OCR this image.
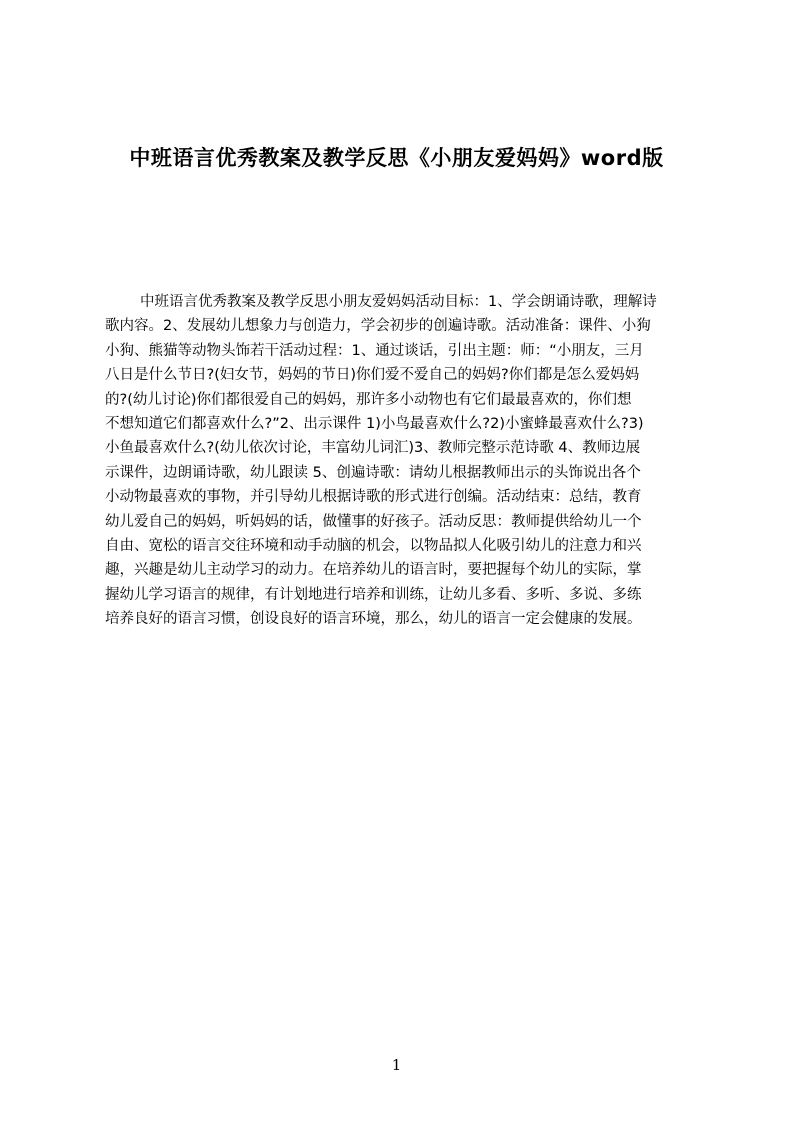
中班语言优秀教案及教学反思《小朋友爱妈妈》word版
中班语言优秀教案及教学反思小朋友爱妈妈活动目标：1、学会朗诵诗歌，理解诗
歌内容。2、发展幼儿想象力与创造力，学会初步的创遍诗歌。活动准备：课件、小狗
小狗、熊猫等动物头饰若干活动过程：1、通过谈话，引出主题：师：“小朋友，三月
八日是什么节日?(妇女节，妈妈的节日)你们爱不爱自己的妈妈?你们都是怎么爱妈妈
的?(幼儿讨论)你们都很爱自己的妈妈，那许多小动物也有它们最最喜欢的，你们想
不想知道它们都喜欢什么?”2、出示课件 1)小鸟最喜欢什么?2)小蜜蜂最喜欢什么?3)
小鱼最喜欢什么?(幼儿依次讨论，丰富幼儿词汇)3、教师完整示范诗歌 4、教师边展
示课件，边朗诵诗歌，幼儿跟读 5、创遍诗歌：请幼儿根据教师出示的头饰说出各个
小动物最喜欢的事物，并引导幼儿根据诗歌的形式进行创编。活动结束：总结，教育
幼儿爱自己的妈妈，听妈妈的话，做懂事的好孩子。活动反思：教师提供给幼儿一个
自由、宽松的语言交往环境和动手动脑的机会，以物品拟人化吸引幼儿的注意力和兴
趣，兴趣是幼儿主动学习的动力。在培养幼儿的语言时，要把握每个幼儿的实际，掌
握幼儿学习语言的规律，有计划地进行培养和训练，让幼儿多看、多听、多说、多练
培养良好的语言习惯，创设良好的语言环境，那么，幼儿的语言一定会健康的发展。
1
